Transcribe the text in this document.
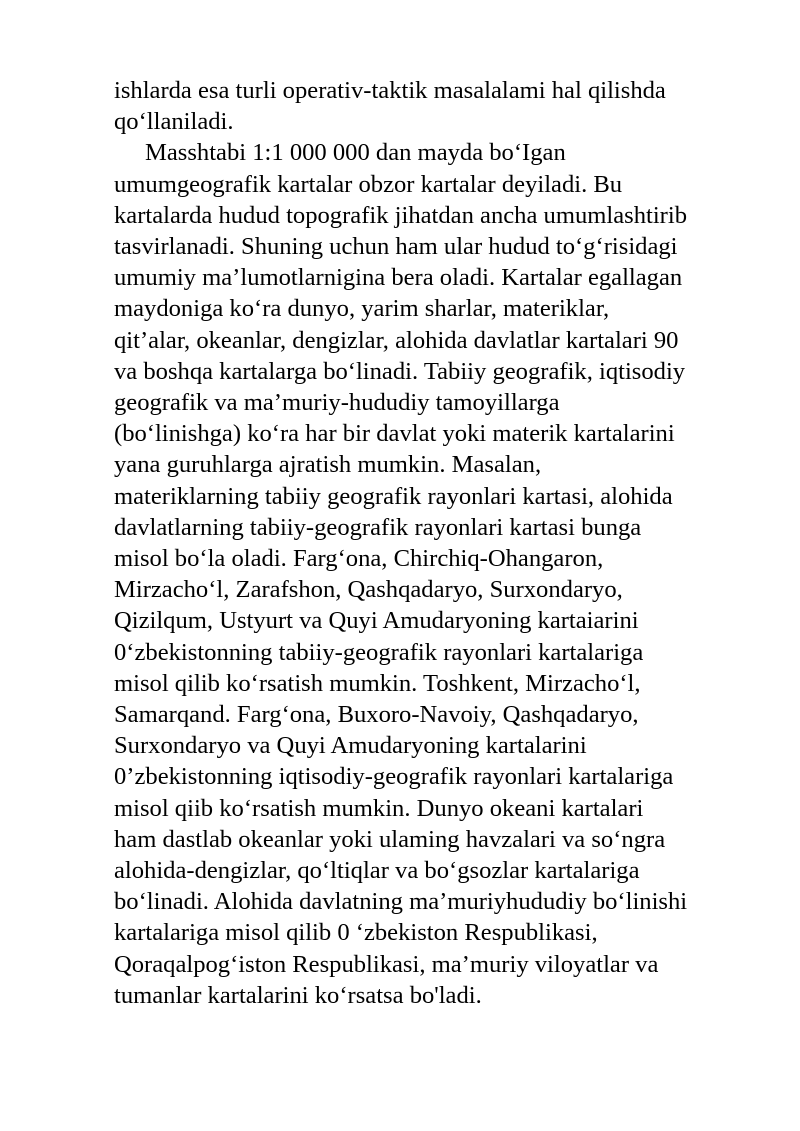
ishlarda esa turli operativ-taktik masalalami hal qilishda
qo‘llaniladi.
Masshtabi 1:1 000 000 dan mayda bo‘Igan
umumgeografik kartalar obzor kartalar deyiladi. Bu
kartalarda hudud topografik jihatdan ancha umumlashtirib
tasvirlanadi. Shuning uchun ham ular hudud to‘g‘risidagi
umumiy ma’lumotlarnigina bera oladi. Kartalar egallagan
maydoniga ko‘ra dunyo, yarim sharlar, materiklar,
qit’alar, okeanlar, dengizlar, alohida davlatlar kartalari 90
va boshqa kartalarga bo‘linadi. Tabiiy geografik, iqtisodiy
geografik va ma’muriy-hududiy tamoyillarga
(bo‘linishga) ko‘ra har bir davlat yoki materik kartalarini
yana guruhlarga ajratish mumkin. Masalan,
materiklarning tabiiy geografik rayonlari kartasi, alohida
davlatlarning tabiiy-geografik rayonlari kartasi bunga
misol bo‘la oladi. Farg‘ona, Chirchiq-Ohangaron,
Mirzacho‘l, Zarafshon, Qashqadaryo, Surxondaryo,
Qizilqum, Ustyurt va Quyi Amudaryoning kartaiarini
0‘zbekistonning tabiiy-geografik rayonlari kartalariga
misol qilib ko‘rsatish mumkin. Toshkent, Mirzacho‘l,
Samarqand. Farg‘ona, Buxoro-Navoiy, Qashqadaryo,
Surxondaryo va Quyi Amudaryoning kartalarini
0’zbekistonning iqtisodiy-geografik rayonlari kartalariga
misol qiib ko‘rsatish mumkin. Dunyo okeani kartalari
ham dastlab okeanlar yoki ulaming havzalari va so‘ngra
alohida-dengizlar, qo‘ltiqlar va bo‘gsozlar kartalariga
bo‘linadi. Alohida davlatning ma’muriyhududiy bo‘linishi
kartalariga misol qilib 0 ‘zbekiston Respublikasi,
Qoraqalpog‘iston Respublikasi, ma’muriy viloyatlar va
tumanlar kartalarini ko‘rsatsa bo'ladi.
